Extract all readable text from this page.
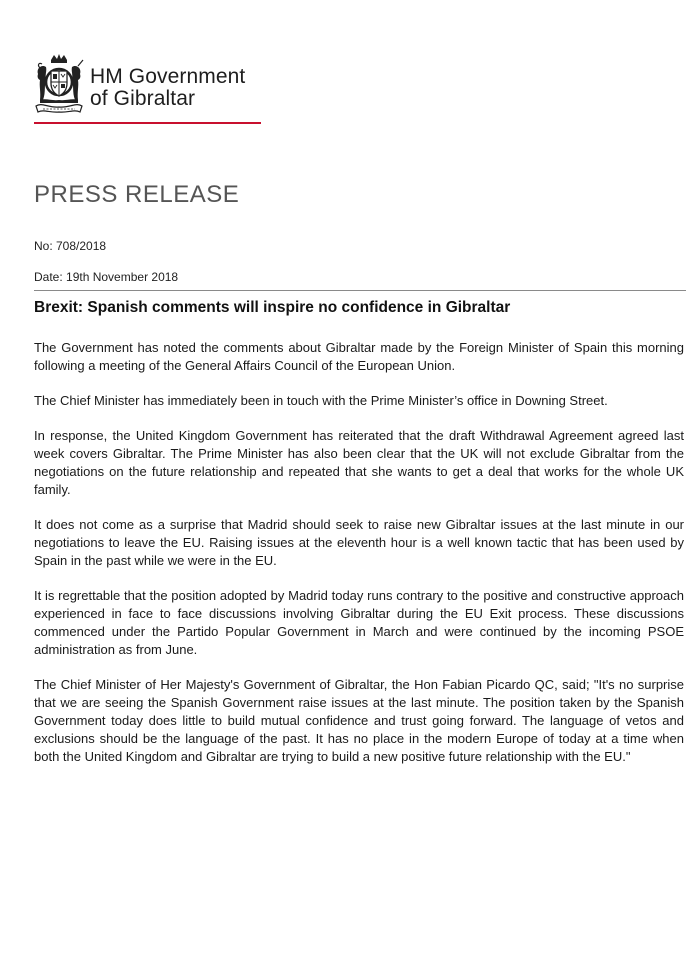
HM Government
of Gibraltar
PRESS RELEASE
No: 708/2018
Date: 19th November 2018
Brexit: Spanish comments will inspire no confidence in Gibraltar

The Government has noted the comments about Gibraltar made by the Foreign Minister of Spain this morning following a meeting of the General Affairs Council of the European Union.

The Chief Minister has immediately been in touch with the Prime Minister’s office in Downing Street.

In response, the United Kingdom Government has reiterated that the draft Withdrawal Agreement agreed last week covers Gibraltar. The Prime Minister has also been clear that the UK will not exclude Gibraltar from the negotiations on the future relationship and repeated that she wants to get a deal that works for the whole UK family.

It does not come as a surprise that Madrid should seek to raise new Gibraltar issues at the last minute in our negotiations to leave the EU. Raising issues at the eleventh hour is a well known tactic that has been used by Spain in the past while we were in the EU.

It is regrettable that the position adopted by Madrid today runs contrary to the positive and constructive approach experienced in face to face discussions involving Gibraltar during the EU Exit process. These discussions commenced under the Partido Popular Government in March and were continued by the incoming PSOE administration as from June.

The Chief Minister of Her Majesty's Government of Gibraltar, the Hon Fabian Picardo QC, said; "It's no surprise that we are seeing the Spanish Government raise issues at the last minute. The position taken by the Spanish Government today does little to build mutual confidence and trust going forward. The language of vetos and exclusions should be the language of the past. It has no place in the modern Europe of today at a time when both the United Kingdom and Gibraltar are trying to build a new positive future relationship with the EU."
